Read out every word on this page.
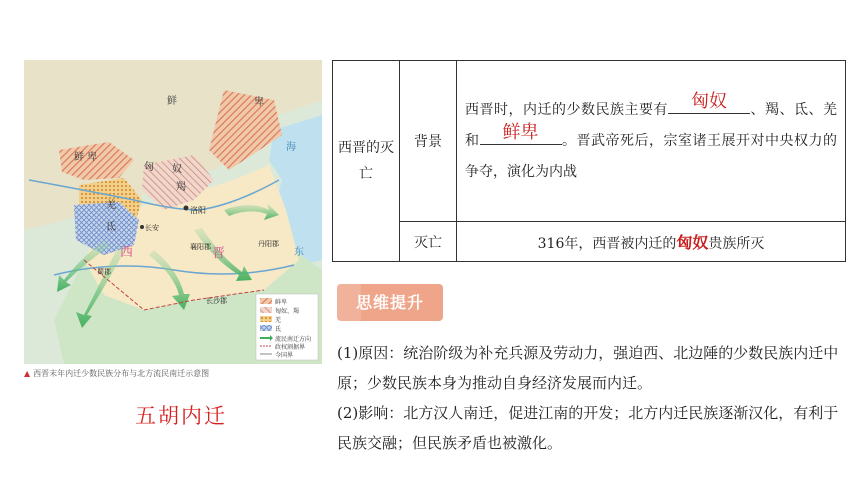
鲜	卑
鲜 卑
匈 奴
羯
羌
氐
西	晋
洛阳
长安
襄阳郡	丹阳郡
蜀郡
长沙郡
海
东
鲜卑
匈奴、羯
羌
氐
流民南迁方向
政权割据界
今国界
▲ 西晋末年内迁少数民族分布与北方流民南迁示意图
五胡内迁
西晋的灭亡	背景	西晋时，内迁的少数民族主要有 匈奴 、羯、氐、羌和 鲜卑 。晋武帝死后，宗室诸王展开对中央权力的争夺，演化为内战
	灭亡	316年，西晋被内迁的匈奴贵族所灭
思维提升
(1)原因：统治阶级为补充兵源及劳动力，强迫西、北边陲的少数民族内迁中原；少数民族本身为推动自身经济发展而内迁。
(2)影响：北方汉人南迁，促进江南的开发；北方内迁民族逐渐汉化，有利于民族交融；但民族矛盾也被激化。
